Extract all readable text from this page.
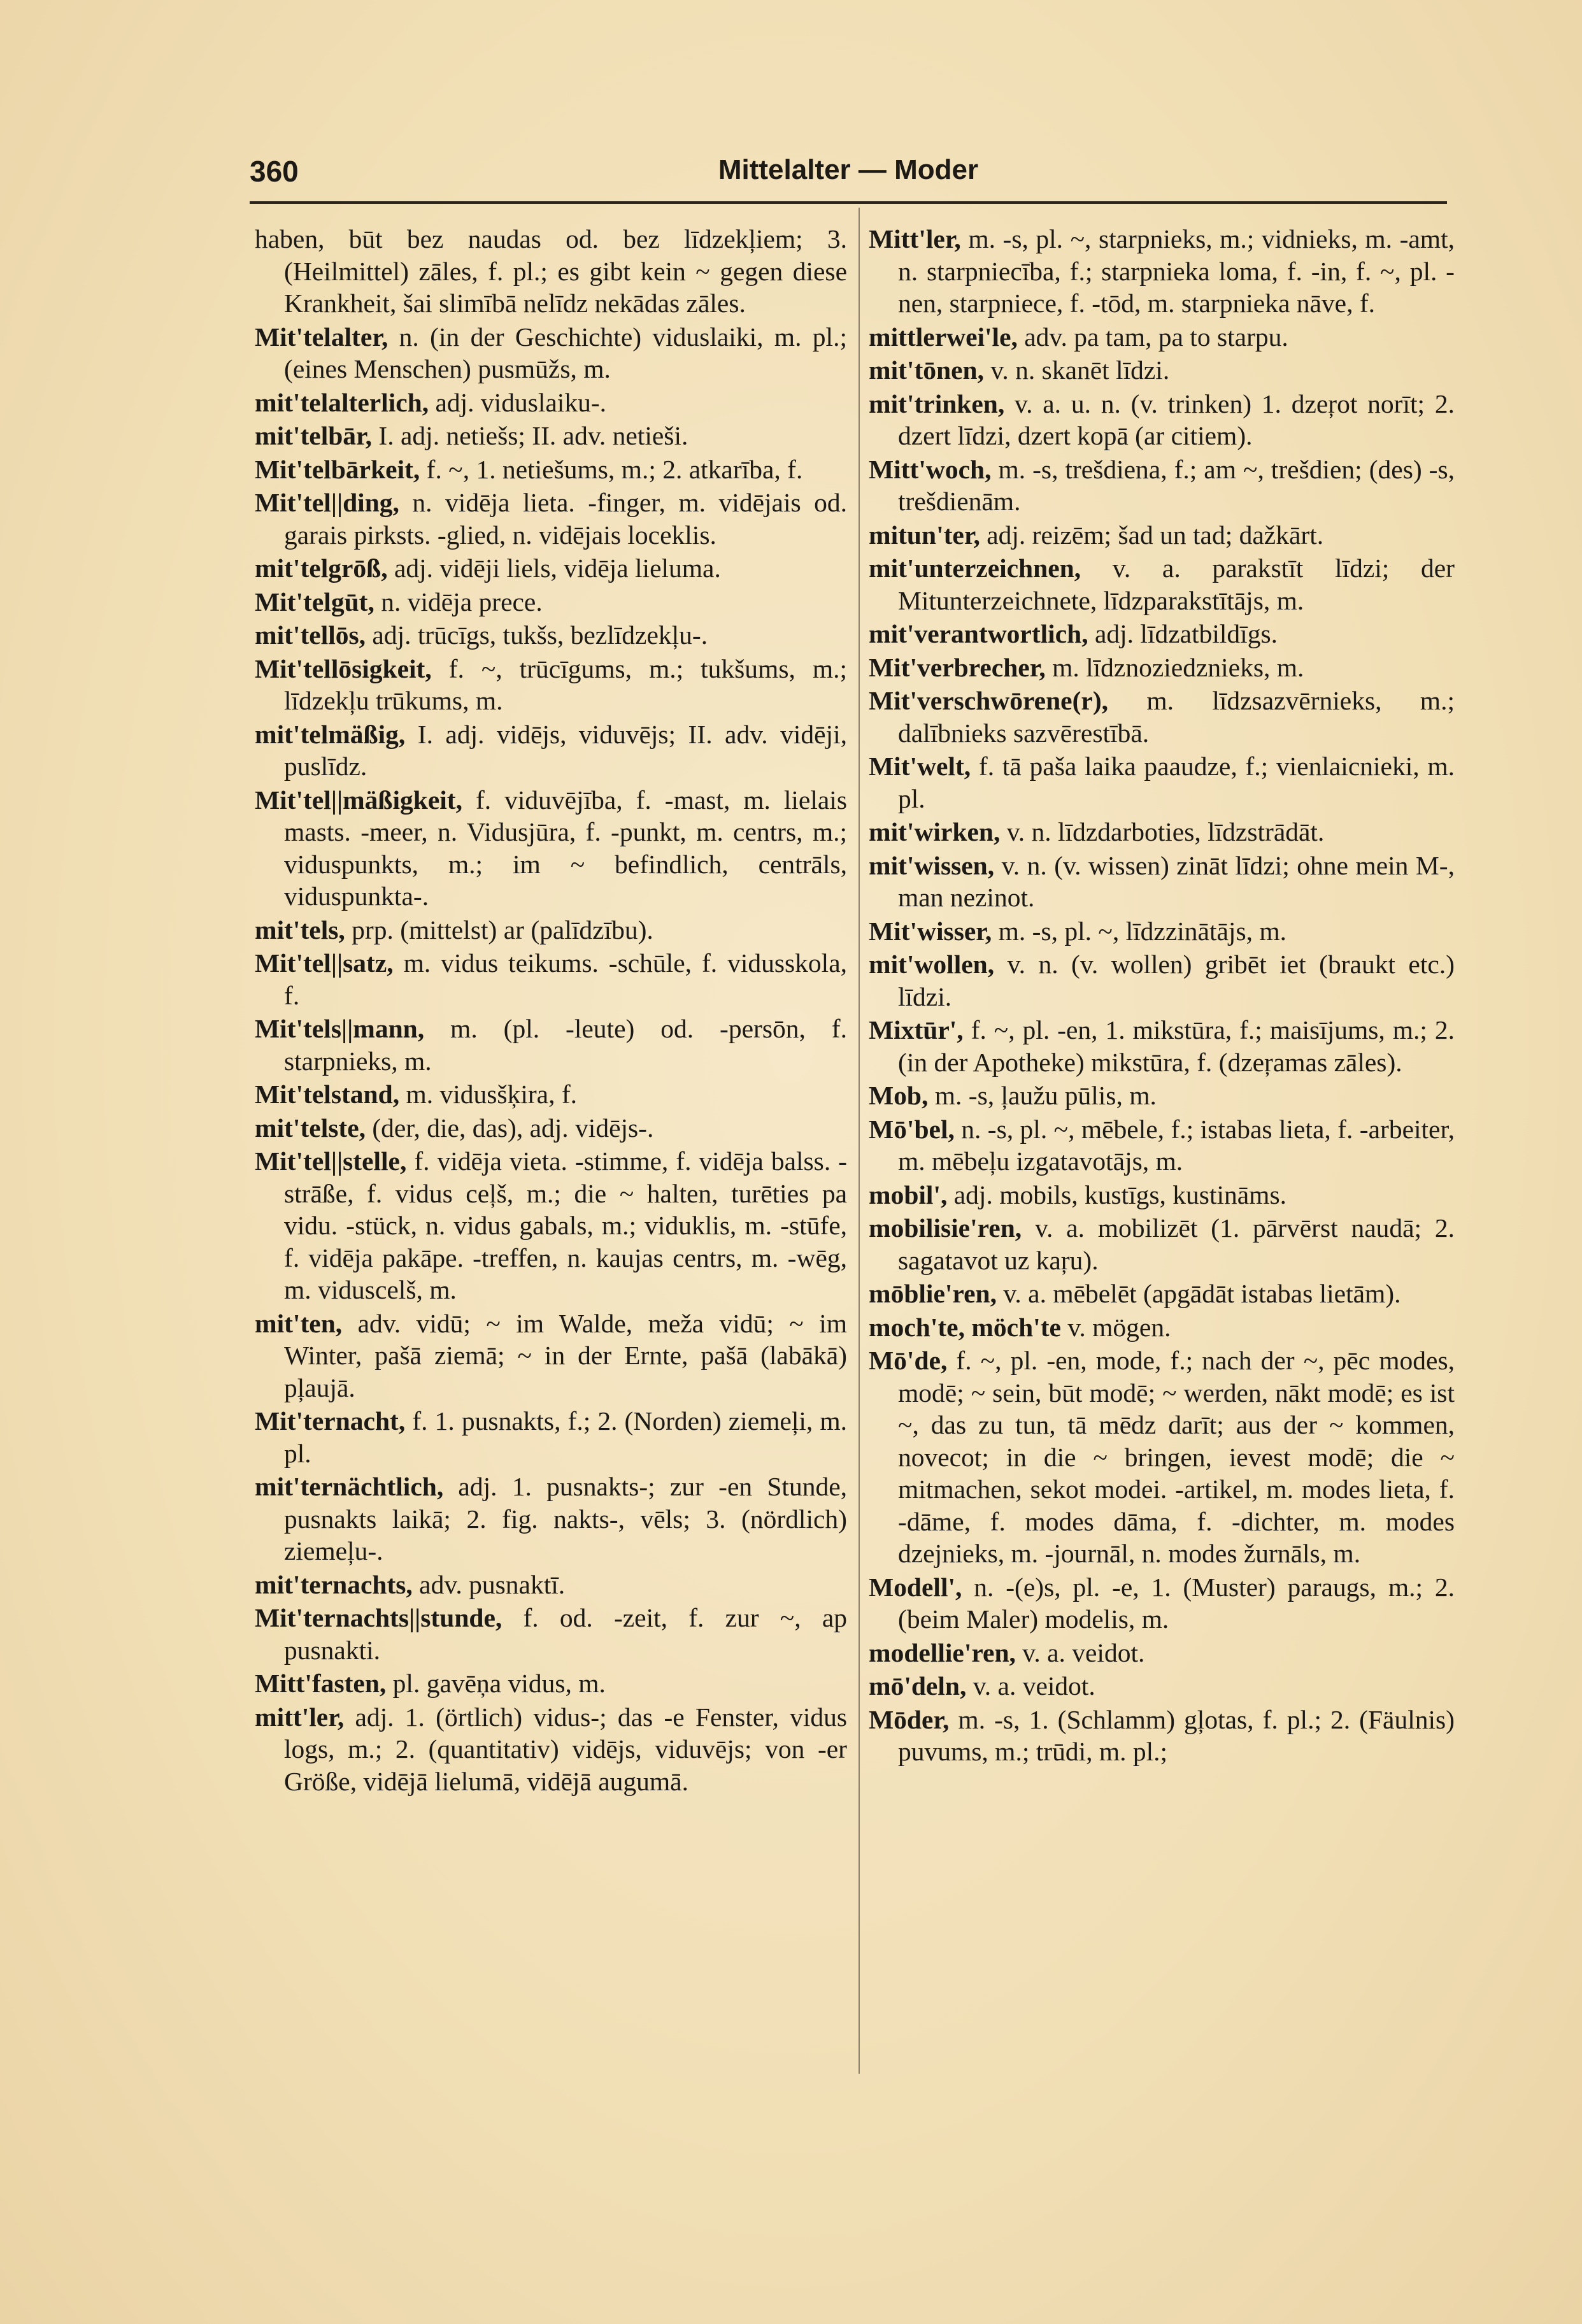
360	Mittelalter — Moder

haben, būt bez naudas od. bez līdzekļiem; 3. (Heilmittel) zāles, f. pl.; es gibt kein ~ gegen diese Krankheit, šai slimībā nelīdz nekādas zāles.

Mit'telalter, n. (in der Geschichte) viduslaiki, m. pl.; (eines Menschen) pusmūžs, m.

mit'telalterlich, adj. viduslaiku-.

mit'telbār, I. adj. netiešs; II. adv. netieši.

Mit'telbārkeit, f. ~, 1. netiešums, m.; 2. atkarība, f.

Mit'tel||ding, n. vidēja lieta. -finger, m. vidējais od. garais pirksts. -glied, n. vidējais loceklis.

mit'telgrōß, adj. vidēji liels, vidēja lieluma.

Mit'telgūt, n. vidēja prece.

mit'tellōs, adj. trūcīgs, tukšs, bezlīdzekļu-.

Mit'tellōsigkeit, f. ~, trūcīgums, m.; tukšums, m.; līdzekļu trūkums, m.

mit'telmäßig, I. adj. vidējs, viduvējs; II. adv. vidēji, puslīdz.

Mit'tel||mäßigkeit, f. viduvējība, f. -mast, m. lielais masts. -meer, n. Vidusjūra, f. -punkt, m. centrs, m.; viduspunkts, m.; im ~ befindlich, centrāls, viduspunkta-.

mit'tels, prp. (mittelst) ar (palīdzību).

Mit'tel||satz, m. vidus teikums. -schūle, f. vidusskola, f.

Mit'tels||mann, m. (pl. -leute) od. -persōn, f. starpnieks, m.

Mit'telstand, m. vidusšķira, f.

mit'telste, (der, die, das), adj. vidējs-.

Mit'tel||stelle, f. vidēja vieta. -stimme, f. vidēja balss. -strāße, f. vidus ceļš, m.; die ~ halten, turēties pa vidu. -stück, n. vidus gabals, m.; viduklis, m. -stūfe, f. vidēja pakāpe. -treffen, n. kaujas centrs, m. -wēg, m. viduscelš, m.

mit'ten, adv. vidū; ~ im Walde, meža vidū; ~ im Winter, pašā ziemā; ~ in der Ernte, pašā (labākā) pļaujā.

Mit'ternacht, f. 1. pusnakts, f.; 2. (Norden) ziemeļi, m. pl.

mit'ternächtlich, adj. 1. pusnakts-; zur -en Stunde, pusnakts laikā; 2. fig. nakts-, vēls; 3. (nördlich) ziemeļu-.

mit'ternachts, adv. pusnaktī.

Mit'ternachts||stunde, f. od. -zeit, f. zur ~, ap pusnakti.

Mitt'fasten, pl. gavēņa vidus, m.

mitt'ler, adj. 1. (örtlich) vidus-; das -e Fenster, vidus logs, m.; 2. (quantitativ) vidējs, viduvējs; von -er Größe, vidējā lielumā, vidējā augumā.

Mitt'ler, m. -s, pl. ~, starpnieks, m.; vidnieks, m. -amt, n. starpniecība, f.; starpnieka loma, f. -in, f. ~, pl. -nen, starpniece, f. -tōd, m. starpnieka nāve, f.

mittlerwei'le, adv. pa tam, pa to starpu.

mit'tōnen, v. n. skanēt līdzi.

mit'trinken, v. a. u. n. (v. trinken) 1. dzeŗot norīt; 2. dzert līdzi, dzert kopā (ar citiem).

Mitt'woch, m. -s, trešdiena, f.; am ~, trešdien; (des) -s, trešdienām.

mitun'ter, adj. reizēm; šad un tad; dažkārt.

mit'unterzeichnen, v. a. parakstīt līdzi; der Mitunterzeichnete, līdzparakstītājs, m.

mit'verantwortlich, adj. līdzatbildīgs.

Mit'verbrecher, m. līdznoziedznieks, m.

Mit'verschwōrene(r), m. līdzsazvērnieks, m.; dalībnieks sazvērestībā.

Mit'welt, f. tā paša laika paaudze, f.; vienlaicnieki, m. pl.

mit'wirken, v. n. līdzdarboties, līdzstrādāt.

mit'wissen, v. n. (v. wissen) zināt līdzi; ohne mein M-, man nezinot.

Mit'wisser, m. -s, pl. ~, līdzzinātājs, m.

mit'wollen, v. n. (v. wollen) gribēt iet (braukt etc.) līdzi.

Mixtūr', f. ~, pl. -en, 1. mikstūra, f.; maisījums, m.; 2. (in der Apotheke) mikstūra, f. (dzeŗamas zāles).

Mob, m. -s, ļaužu pūlis, m.

Mō'bel, n. -s, pl. ~, mēbele, f.; istabas lieta, f. -arbeiter, m. mēbeļu izgatavotājs, m.

mobil', adj. mobils, kustīgs, kustināms.

mobilisie'ren, v. a. mobilizēt (1. pārvērst naudā; 2. sagatavot uz kaŗu).

mōblie'ren, v. a. mēbelēt (apgādāt istabas lietām).

moch'te, möch'te v. mögen.

Mō'de, f. ~, pl. -en, mode, f.; nach der ~, pēc modes, modē; ~ sein, būt modē; ~ werden, nākt modē; es ist ~, das zu tun, tā mēdz darīt; aus der ~ kommen, novecot; in die ~ bringen, ievest modē; die ~ mitmachen, sekot modei. -artikel, m. modes lieta, f. -dāme, f. modes dāma, f. -dichter, m. modes dzejnieks, m. -journāl, n. modes žurnāls, m.

Modell', n. -(e)s, pl. -e, 1. (Muster) paraugs, m.; 2. (beim Maler) modelis, m.

modellie'ren, v. a. veidot.

mō'deln, v. a. veidot.

Mōder, m. -s, 1. (Schlamm) gļotas, f. pl.; 2. (Fäulnis) puvums, m.; trūdi, m. pl.;
